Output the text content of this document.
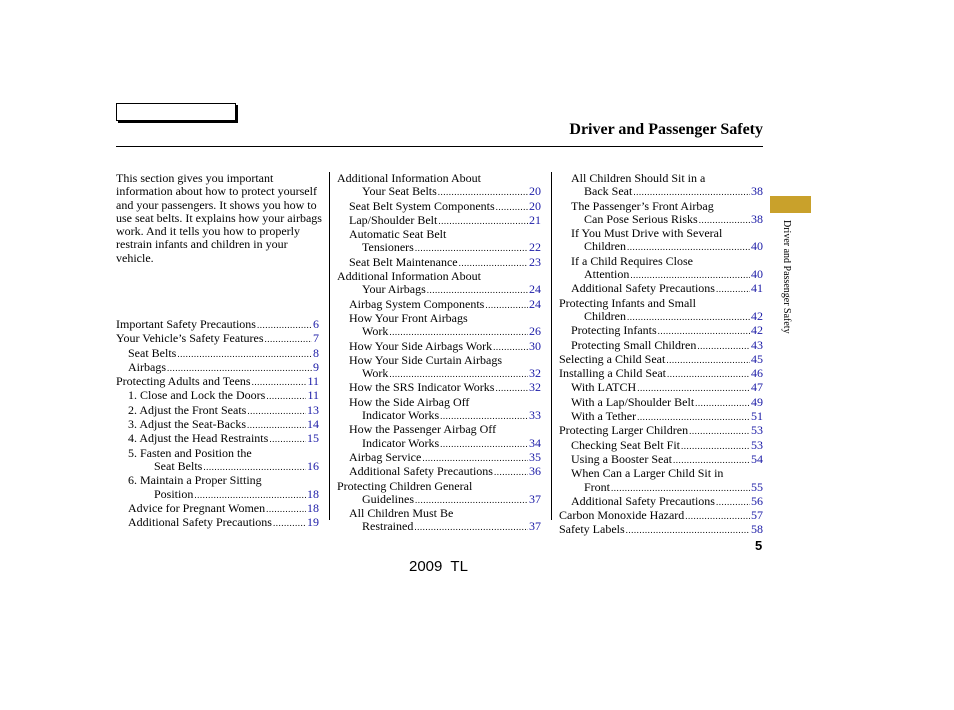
Driver and Passenger Safety
This section gives you important information about how to protect yourself and your passengers. It shows you how to use seat belts. It explains how your airbags work. And it tells you how to properly restrain infants and children in your vehicle.
Important Safety Precautions .....	6
Your Vehicle’s Safety Features .....	7
Seat Belts .....	8
Airbags .....	9
Protecting Adults and Teens .....	11
1. Close and Lock the Doors .....	11
2. Adjust the Front Seats .....	13
3. Adjust the Seat-Backs .....	14
4. Adjust the Head Restraints .....	15
5. Fasten and Position the
Seat Belts .....	16
6. Maintain a Proper Sitting
Position .....	18
Advice for Pregnant Women .....	18
Additional Safety Precautions .....	19
Additional Information About
Your Seat Belts .....	20
Seat Belt System Components .....	20
Lap/Shoulder Belt .....	21
Automatic Seat Belt
Tensioners .....	22
Seat Belt Maintenance .....	23
Additional Information About
Your Airbags .....	24
Airbag System Components .....	24
How Your Front Airbags
Work .....	26
How Your Side Airbags Work .....	30
How Your Side Curtain Airbags
Work .....	32
How the SRS Indicator Works .....	32
How the Side Airbag Off
Indicator Works .....	33
How the Passenger Airbag Off
Indicator Works .....	34
Airbag Service .....	35
Additional Safety Precautions .....	36
Protecting Children General
Guidelines .....	37
All Children Must Be
Restrained .....	37
All Children Should Sit in a
Back Seat .....	38
The Passenger’s Front Airbag
Can Pose Serious Risks .....	38
If You Must Drive with Several
Children .....	40
If a Child Requires Close
Attention .....	40
Additional Safety Precautions .....	41
Protecting Infants and Small
Children .....	42
Protecting Infants .....	42
Protecting Small Children .....	43
Selecting a Child Seat .....	45
Installing a Child Seat .....	46
With LATCH .....	47
With a Lap/Shoulder Belt .....	49
With a Tether .....	51
Protecting Larger Children .....	53
Checking Seat Belt Fit .....	53
Using a Booster Seat .....	54
When Can a Larger Child Sit in
Front .....	55
Additional Safety Precautions .....	56
Carbon Monoxide Hazard .....	57
Safety Labels .....	58
Driver and Passenger Safety
5
2009  TL
